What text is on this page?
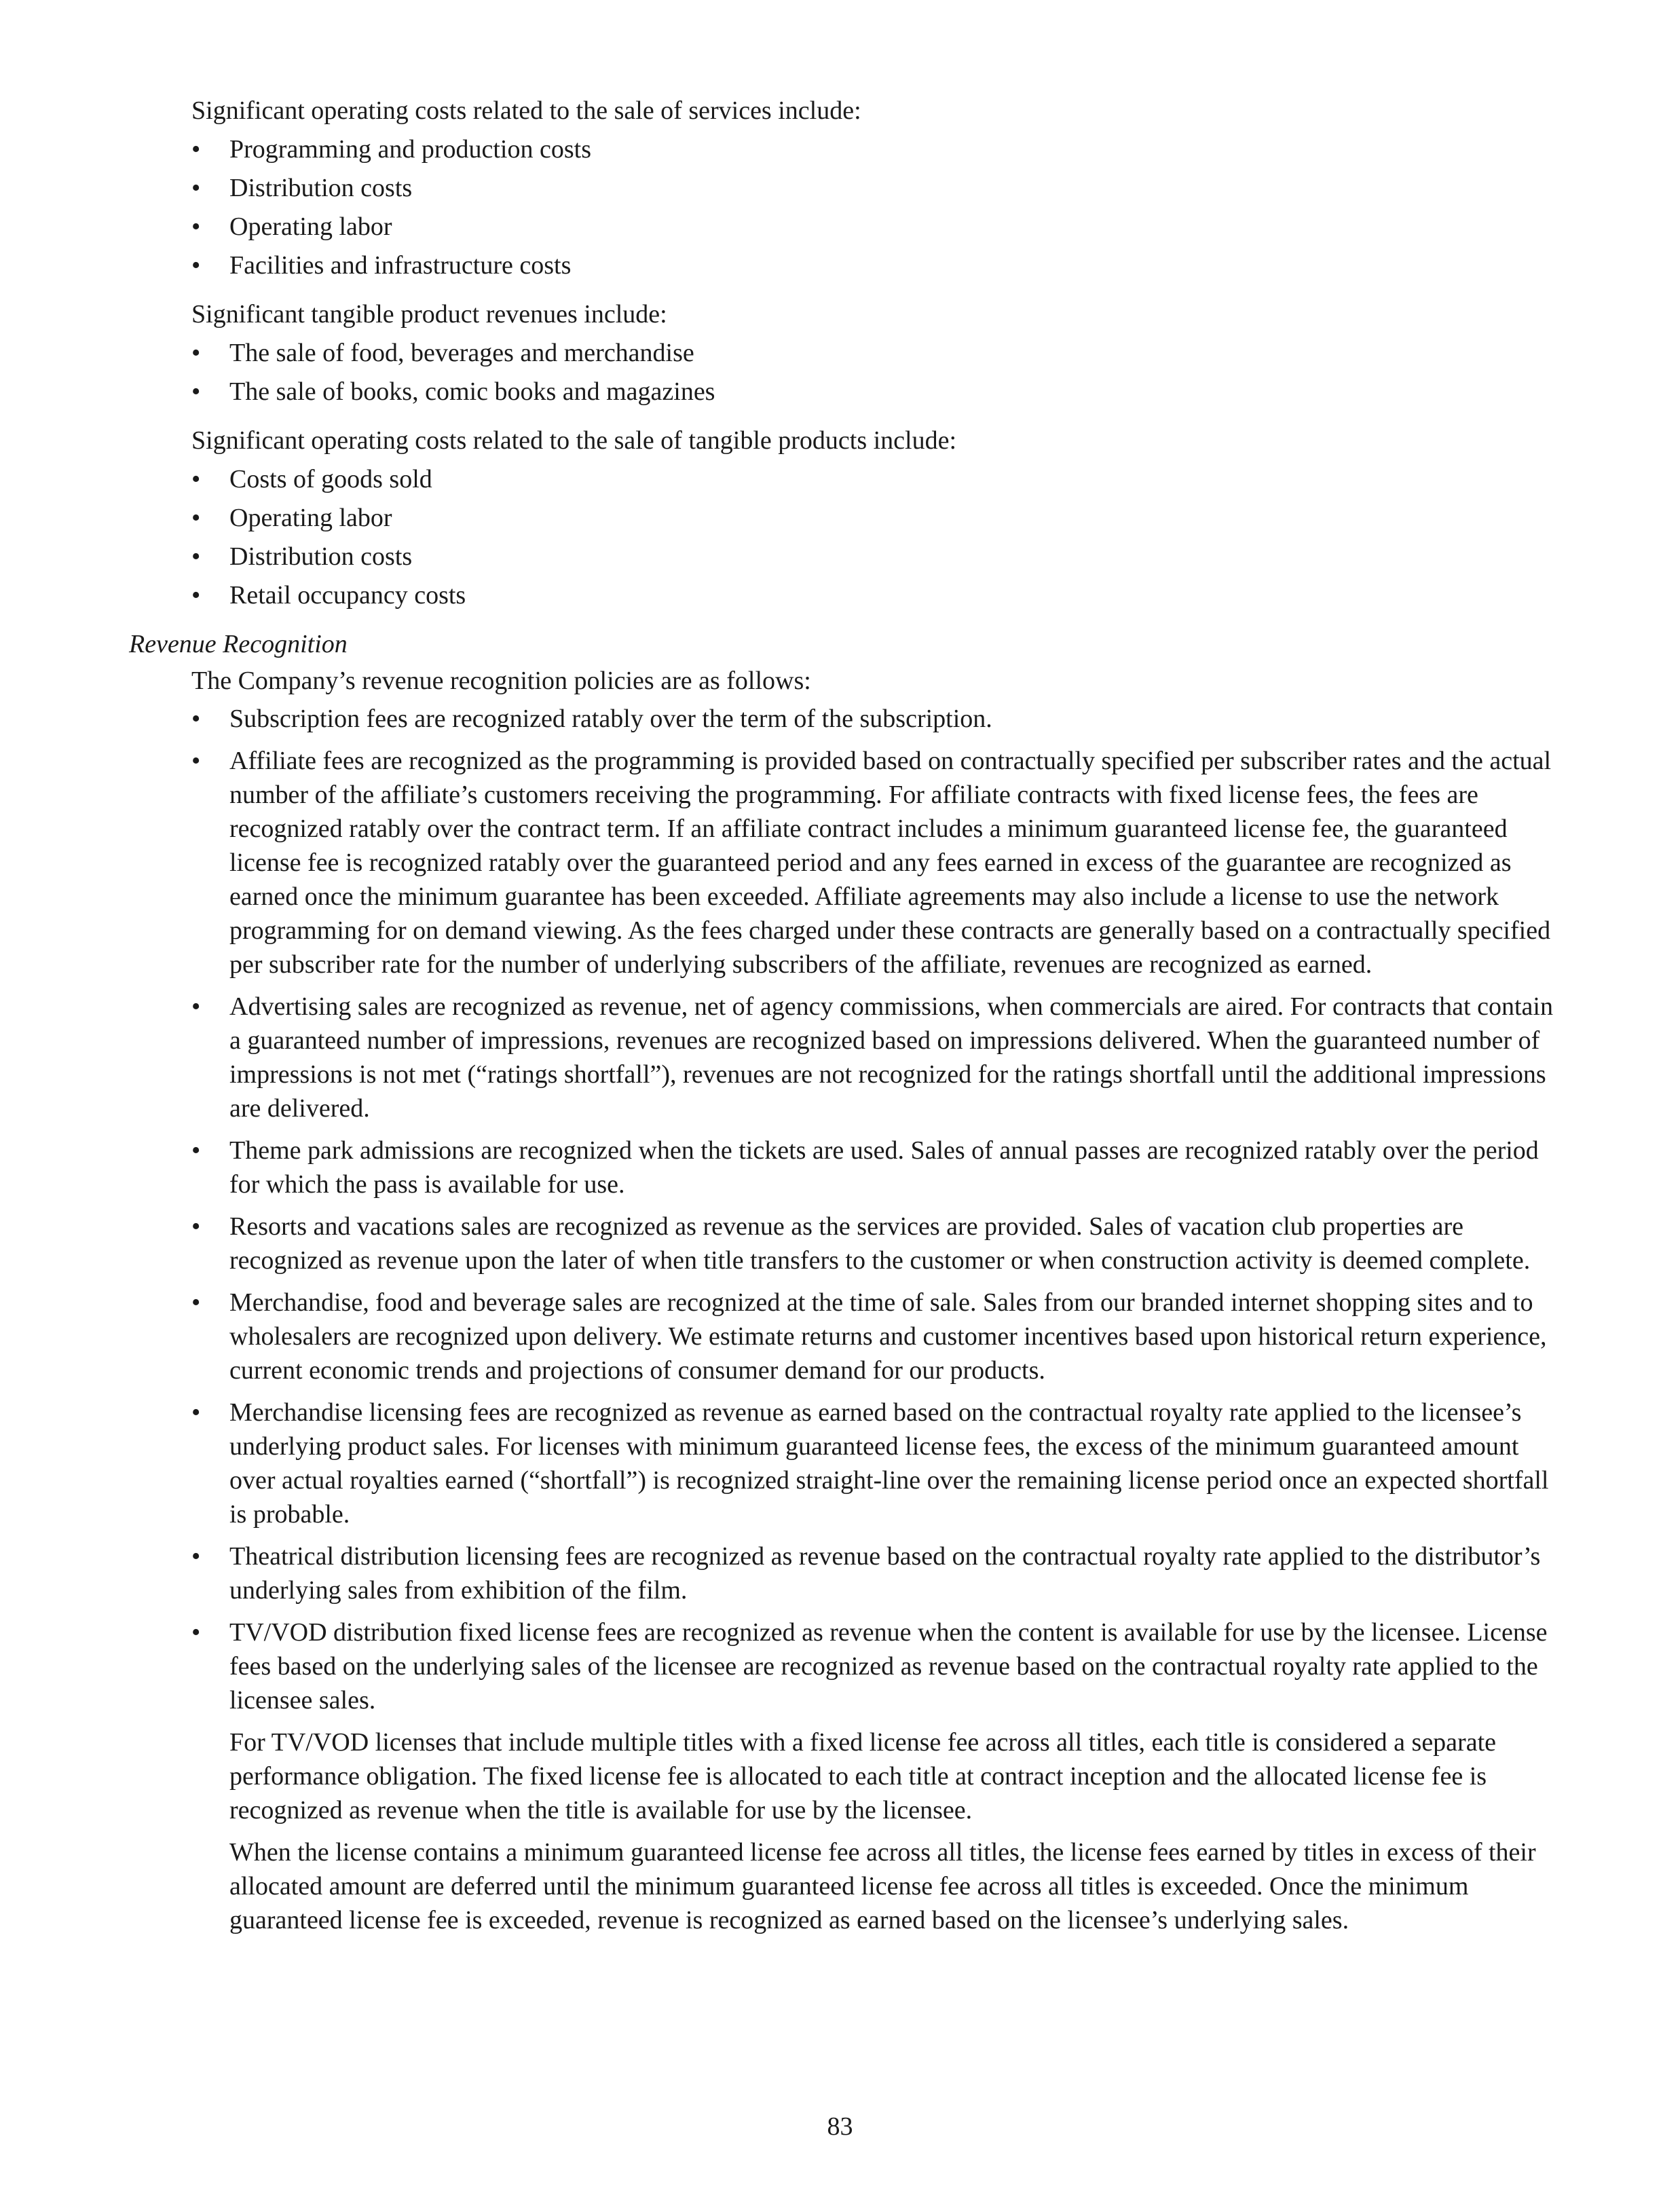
Significant operating costs related to the sale of services include:

• Programming and production costs
• Distribution costs
• Operating labor
• Facilities and infrastructure costs

Significant tangible product revenues include:

• The sale of food, beverages and merchandise
• The sale of books, comic books and magazines

Significant operating costs related to the sale of tangible products include:

• Costs of goods sold
• Operating labor
• Distribution costs
• Retail occupancy costs

Revenue Recognition

The Company’s revenue recognition policies are as follows:

• Subscription fees are recognized ratably over the term of the subscription.
• Affiliate fees are recognized as the programming is provided based on contractually specified per subscriber rates and the actual number of the affiliate’s customers receiving the programming. For affiliate contracts with fixed license fees, the fees are recognized ratably over the contract term. If an affiliate contract includes a minimum guaranteed license fee, the guaranteed license fee is recognized ratably over the guaranteed period and any fees earned in excess of the guarantee are recognized as earned once the minimum guarantee has been exceeded. Affiliate agreements may also include a license to use the network programming for on demand viewing. As the fees charged under these contracts are generally based on a contractually specified per subscriber rate for the number of underlying subscribers of the affiliate, revenues are recognized as earned.
• Advertising sales are recognized as revenue, net of agency commissions, when commercials are aired. For contracts that contain a guaranteed number of impressions, revenues are recognized based on impressions delivered. When the guaranteed number of impressions is not met (“ratings shortfall”), revenues are not recognized for the ratings shortfall until the additional impressions are delivered.
• Theme park admissions are recognized when the tickets are used. Sales of annual passes are recognized ratably over the period for which the pass is available for use.
• Resorts and vacations sales are recognized as revenue as the services are provided. Sales of vacation club properties are recognized as revenue upon the later of when title transfers to the customer or when construction activity is deemed complete.
• Merchandise, food and beverage sales are recognized at the time of sale. Sales from our branded internet shopping sites and to wholesalers are recognized upon delivery. We estimate returns and customer incentives based upon historical return experience, current economic trends and projections of consumer demand for our products.
• Merchandise licensing fees are recognized as revenue as earned based on the contractual royalty rate applied to the licensee’s underlying product sales. For licenses with minimum guaranteed license fees, the excess of the minimum guaranteed amount over actual royalties earned (“shortfall”) is recognized straight-line over the remaining license period once an expected shortfall is probable.
• Theatrical distribution licensing fees are recognized as revenue based on the contractual royalty rate applied to the distributor’s underlying sales from exhibition of the film.
• TV/VOD distribution fixed license fees are recognized as revenue when the content is available for use by the licensee. License fees based on the underlying sales of the licensee are recognized as revenue based on the contractual royalty rate applied to the licensee sales.

For TV/VOD licenses that include multiple titles with a fixed license fee across all titles, each title is considered a separate performance obligation. The fixed license fee is allocated to each title at contract inception and the allocated license fee is recognized as revenue when the title is available for use by the licensee.

When the license contains a minimum guaranteed license fee across all titles, the license fees earned by titles in excess of their allocated amount are deferred until the minimum guaranteed license fee across all titles is exceeded. Once the minimum guaranteed license fee is exceeded, revenue is recognized as earned based on the licensee’s underlying sales.

83
